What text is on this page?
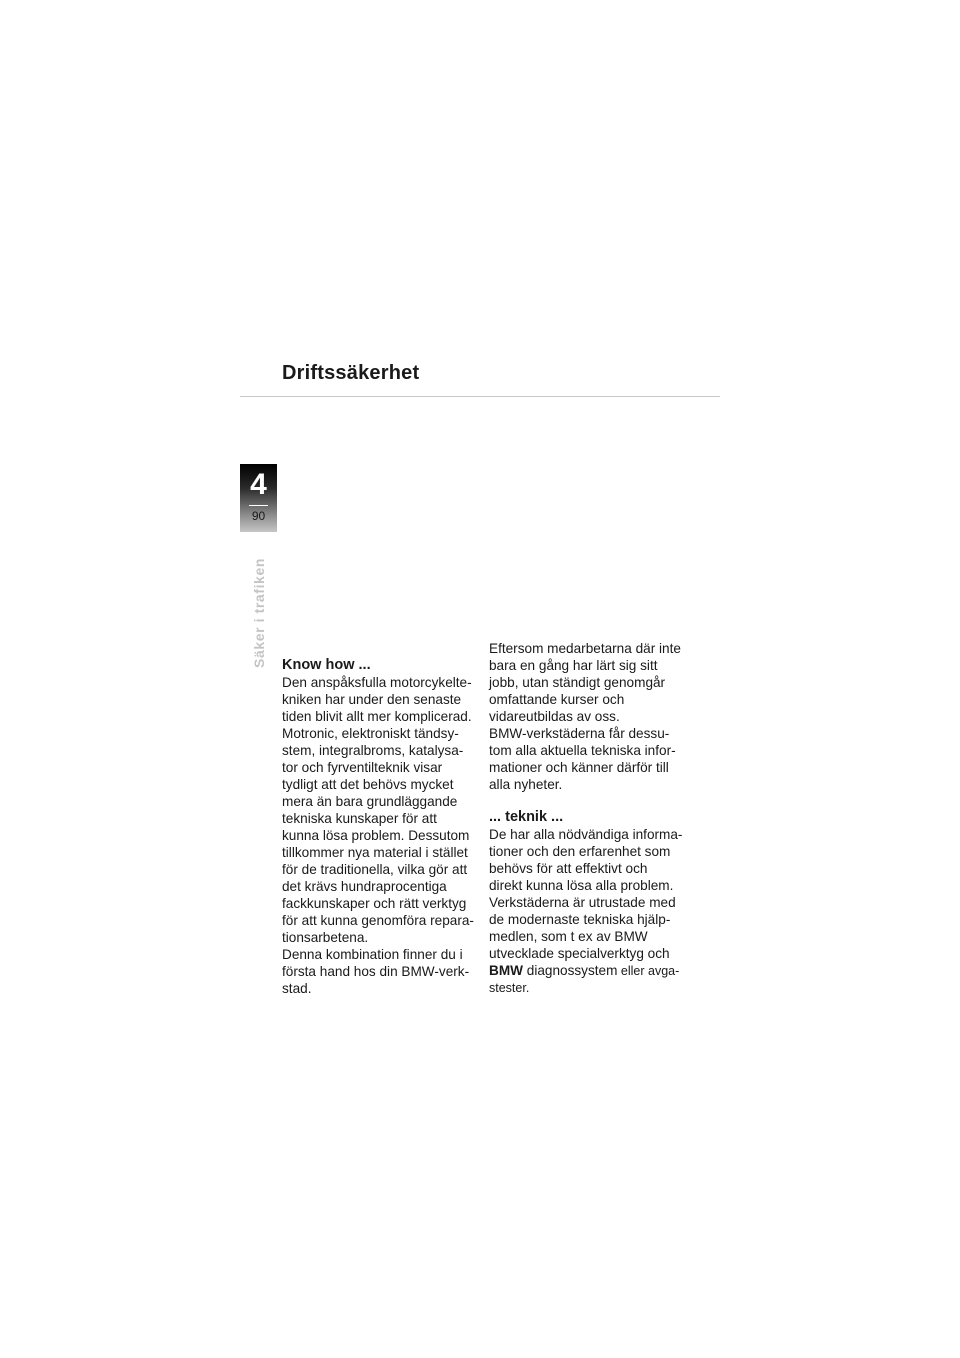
Driftssäkerhet
4
90
Säker i trafiken Know how ...

Den anspåksfulla motorcykelte-

kniken har under den senaste

tiden blivit allt mer komplicerad.

Motronic, elektroniskt tändsy-

stem, integralbroms, katalysa-

tor och fyrventilteknik visar

tydligt att det behövs mycket

mera än bara grundläggande

tekniska kunskaper för att

kunna lösa problem. Dessutom

tillkommer nya material i stället

för de traditionella, vilka gör att

det krävs hundraprocentiga

fackkunskaper och rätt verktyg

för att kunna genomföra repara-

tionsarbetena.

Denna kombination finner du i

första hand hos din BMW-verk-

stad.

Eftersom medarbetarna där inte

bara en gång har lärt sig sitt

jobb, utan ständigt genomgår

omfattande kurser och

vidareutbildas av oss.

BMW-verkstäderna får dessu-

tom alla aktuella tekniska infor-

mationer och känner därför till

alla nyheter.

... teknik ...

De har alla nödvändiga informa-

tioner och den erfarenhet som

behövs för att effektivt och

direkt kunna lösa alla problem.

Verkstäderna är utrustade med

de modernaste tekniska hjälp-

medlen, som t ex av BMW

utvecklade specialverktyg och

BMW diagnossystem eller avga-

stester.
